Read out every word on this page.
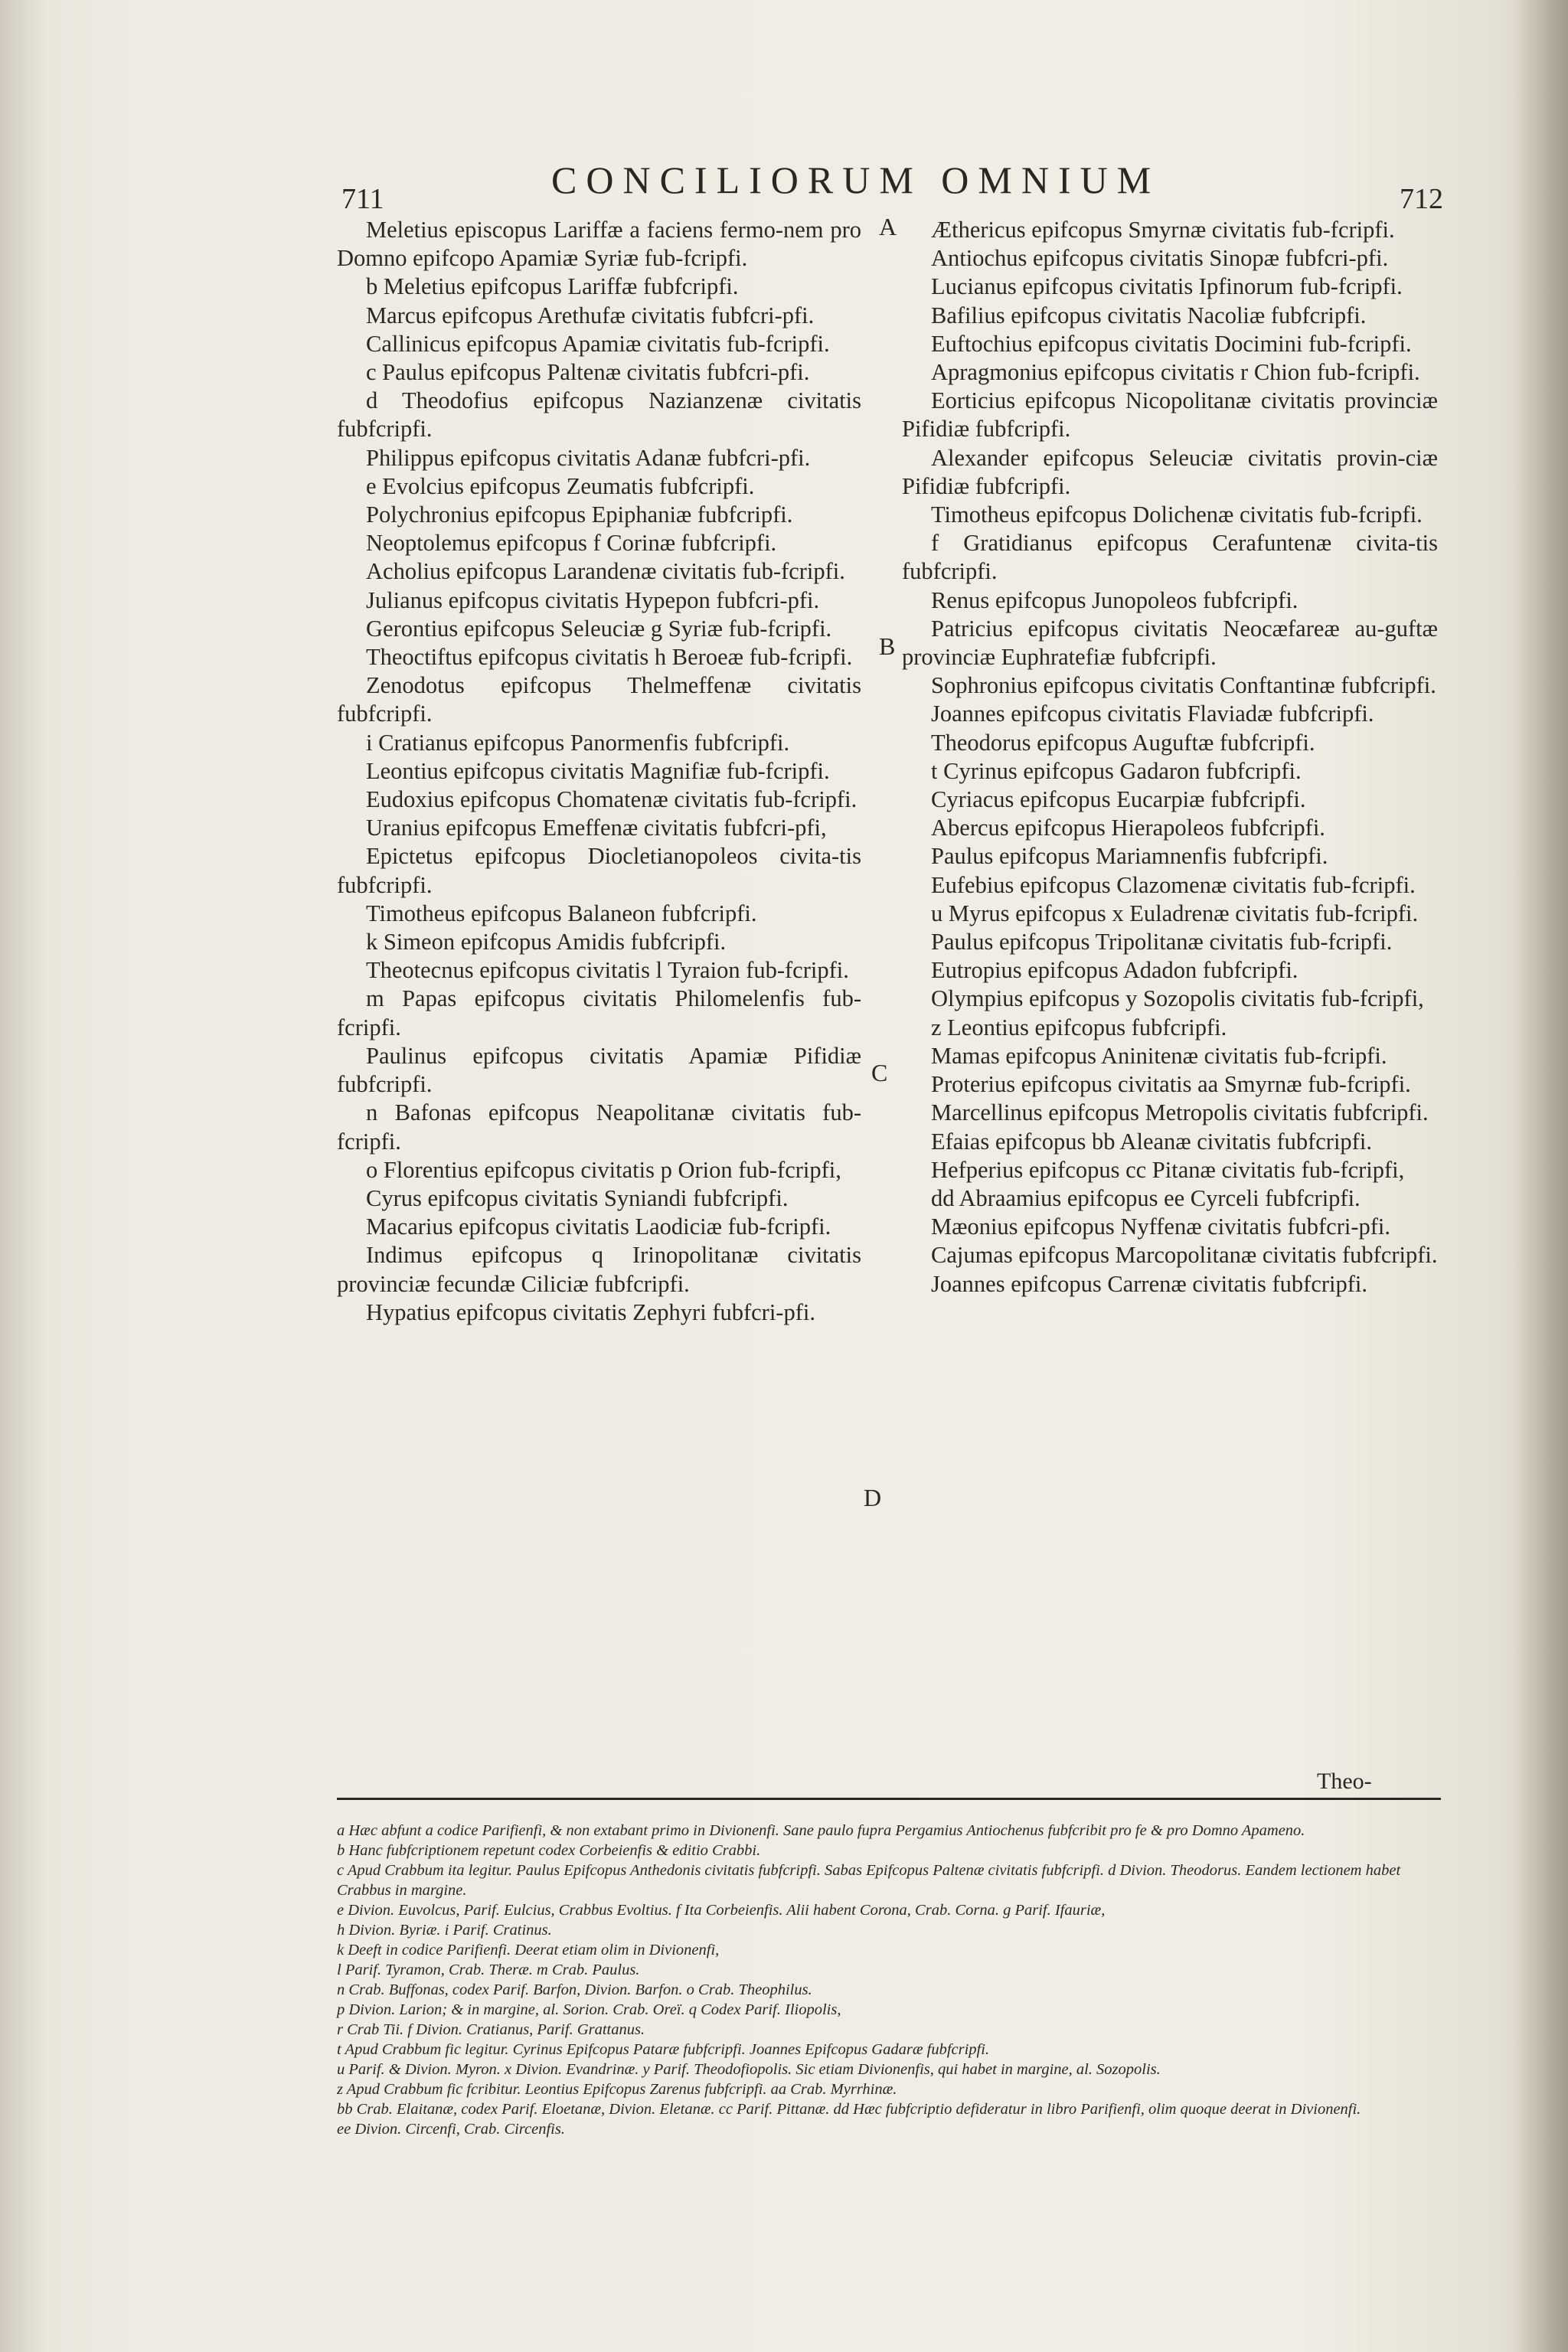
711	CONCILIORUM OMNIUM	712

Meletius episcopus Lariffæ a faciens fermo-nem pro Domno epifcopo Apamiæ Syriæ fub-fcripfi.

b Meletius epifcopus Lariffæ fubfcripfi.

Marcus epifcopus Arethufæ civitatis fubfcri-pfi.

Callinicus epifcopus Apamiæ civitatis fub-fcripfi.

c Paulus epifcopus Paltenæ civitatis fubfcri-pfi.

d Theodofius epifcopus Nazianzenæ civitatis fubfcripfi.

Philippus epifcopus civitatis Adanæ fubfcri-pfi.

e Evolcius epifcopus Zeumatis fubfcripfi.

Polychronius epifcopus Epiphaniæ fubfcripfi.

Neoptolemus epifcopus f Corinæ fubfcripfi.

Acholius epifcopus Larandenæ civitatis fub-fcripfi.

Julianus epifcopus civitatis Hypepon fubfcri-pfi.

Gerontius epifcopus Seleuciæ g Syriæ fub-fcripfi.

Theoctiftus epifcopus civitatis h Beroeæ fub-fcripfi.

Zenodotus epifcopus Thelmeffenæ civitatis fubfcripfi.

i Cratianus epifcopus Panormenfis fubfcripfi.

Leontius epifcopus civitatis Magnifiæ fub-fcripfi.

Eudoxius epifcopus Chomatenæ civitatis fub-fcripfi.

Uranius epifcopus Emeffenæ civitatis fubfcri-pfi,

Epictetus epifcopus Diocletianopoleos civita-tis fubfcripfi.

Timotheus epifcopus Balaneon fubfcripfi.

k Simeon epifcopus Amidis fubfcripfi.

Theotecnus epifcopus civitatis l Tyraion fub-fcripfi.

m Papas epifcopus civitatis Philomelenfis fub-fcripfi.

Paulinus epifcopus civitatis Apamiæ Pifidiæ fubfcripfi.

n Bafonas epifcopus Neapolitanæ civitatis fub-fcripfi.

o Florentius epifcopus civitatis p Orion fub-fcripfi,

Cyrus epifcopus civitatis Syniandi fubfcripfi.

Macarius epifcopus civitatis Laodiciæ fub-fcripfi.

Indimus epifcopus q Irinopolitanæ civitatis provinciæ fecundæ Ciliciæ fubfcripfi.

Hypatius epifcopus civitatis Zephyri fubfcri-pfi.

Æthericus epifcopus Smyrnæ civitatis fub-fcripfi.

Antiochus epifcopus civitatis Sinopæ fubfcri-pfi.

Lucianus epifcopus civitatis Ipfinorum fub-fcripfi.

Bafilius epifcopus civitatis Nacoliæ fubfcripfi.

Euftochius epifcopus civitatis Docimini fub-fcripfi.

Apragmonius epifcopus civitatis r Chion fub-fcripfi.

Eorticius epifcopus Nicopolitanæ civitatis provinciæ Pifidiæ fubfcripfi.

Alexander epifcopus Seleuciæ civitatis provin-ciæ Pifidiæ fubfcripfi.

Timotheus epifcopus Dolichenæ civitatis fub-fcripfi.

f Gratidianus epifcopus Cerafuntenæ civita-tis fubfcripfi.

Renus epifcopus Junopoleos fubfcripfi.

Patricius epifcopus civitatis Neocæfareæ au-guftæ provinciæ Euphratefiæ fubfcripfi.

Sophronius epifcopus civitatis Conftantinæ fubfcripfi.

Joannes epifcopus civitatis Flaviadæ fubfcripfi.

Theodorus epifcopus Auguftæ fubfcripfi.

t Cyrinus epifcopus Gadaron fubfcripfi.

Cyriacus epifcopus Eucarpiæ fubfcripfi.

Abercus epifcopus Hierapoleos fubfcripfi.

Paulus epifcopus Mariamnenfis fubfcripfi.

Eufebius epifcopus Clazomenæ civitatis fub-fcripfi.

u Myrus epifcopus x Euladrenæ civitatis fub-fcripfi.

Paulus epifcopus Tripolitanæ civitatis fub-fcripfi.

Eutropius epifcopus Adadon fubfcripfi.

Olympius epifcopus y Sozopolis civitatis fub-fcripfi,

z Leontius epifcopus fubfcripfi.

Mamas epifcopus Aninitenæ civitatis fub-fcripfi.

Proterius epifcopus civitatis aa Smyrnæ fub-fcripfi.

Marcellinus epifcopus Metropolis civitatis fubfcripfi.

Efaias epifcopus bb Aleanæ civitatis fubfcripfi.

Hefperius epifcopus cc Pitanæ civitatis fub-fcripfi,

dd Abraamius epifcopus ee Cyrceli fubfcripfi.

Mæonius epifcopus Nyffenæ civitatis fubfcri-pfi.

Cajumas epifcopus Marcopolitanæ civitatis fubfcripfi.

Joannes epifcopus Carrenæ civitatis fubfcripfi.

A
B
C
D
Theo-

a Hæc abfunt a codice Parifienfi, & non extabant primo in Divionenfi. Sane paulo fupra Pergamius Antiochenus fubfcribit pro fe & pro Domno Apameno.

b Hanc fubfcriptionem repetunt codex Corbeienfis & editio Crabbi.

c Apud Crabbum ita legitur. Paulus Epifcopus Anthedonis civitatis fubfcripfi. Sabas Epifcopus Paltenæ civitatis fubfcripfi. d Divion. Theodorus. Eandem lectionem habet Crabbus in margine.

e Divion. Euvolcus, Parif. Eulcius, Crabbus Evoltius. f Ita Corbeienfis. Alii habent Corona, Crab. Corna. g Parif. Ifauriæ,

h Divion. Byriæ. i Parif. Cratinus.

k Deeft in codice Parifienfi. Deerat etiam olim in Divionenfi,

l Parif. Tyramon, Crab. Theræ. m Crab. Paulus.

n Crab. Buffonas, codex Parif. Barfon, Divion. Barfon. o Crab. Theophilus.

p Divion. Larion; & in margine, al. Sorion. Crab. Oreï. q Codex Parif. Iliopolis,

r Crab Tii. f Divion. Cratianus, Parif. Grattanus.

t Apud Crabbum fic legitur. Cyrinus Epifcopus Pataræ fubfcripfi. Joannes Epifcopus Gadaræ fubfcripfi.

u Parif. & Divion. Myron. x Divion. Evandrinæ. y Parif. Theodofiopolis. Sic etiam Divionenfis, qui habet in margine, al. Sozopolis.

z Apud Crabbum fic fcribitur. Leontius Epifcopus Zarenus fubfcripfi. aa Crab. Myrrhinæ.

bb Crab. Elaitanæ, codex Parif. Eloetanæ, Divion. Eletanæ. cc Parif. Pittanæ. dd Hæc fubfcriptio defideratur in libro Parifienfi, olim quoque deerat in Divionenfi.

ee Divion. Circenfi, Crab. Circenfis.
